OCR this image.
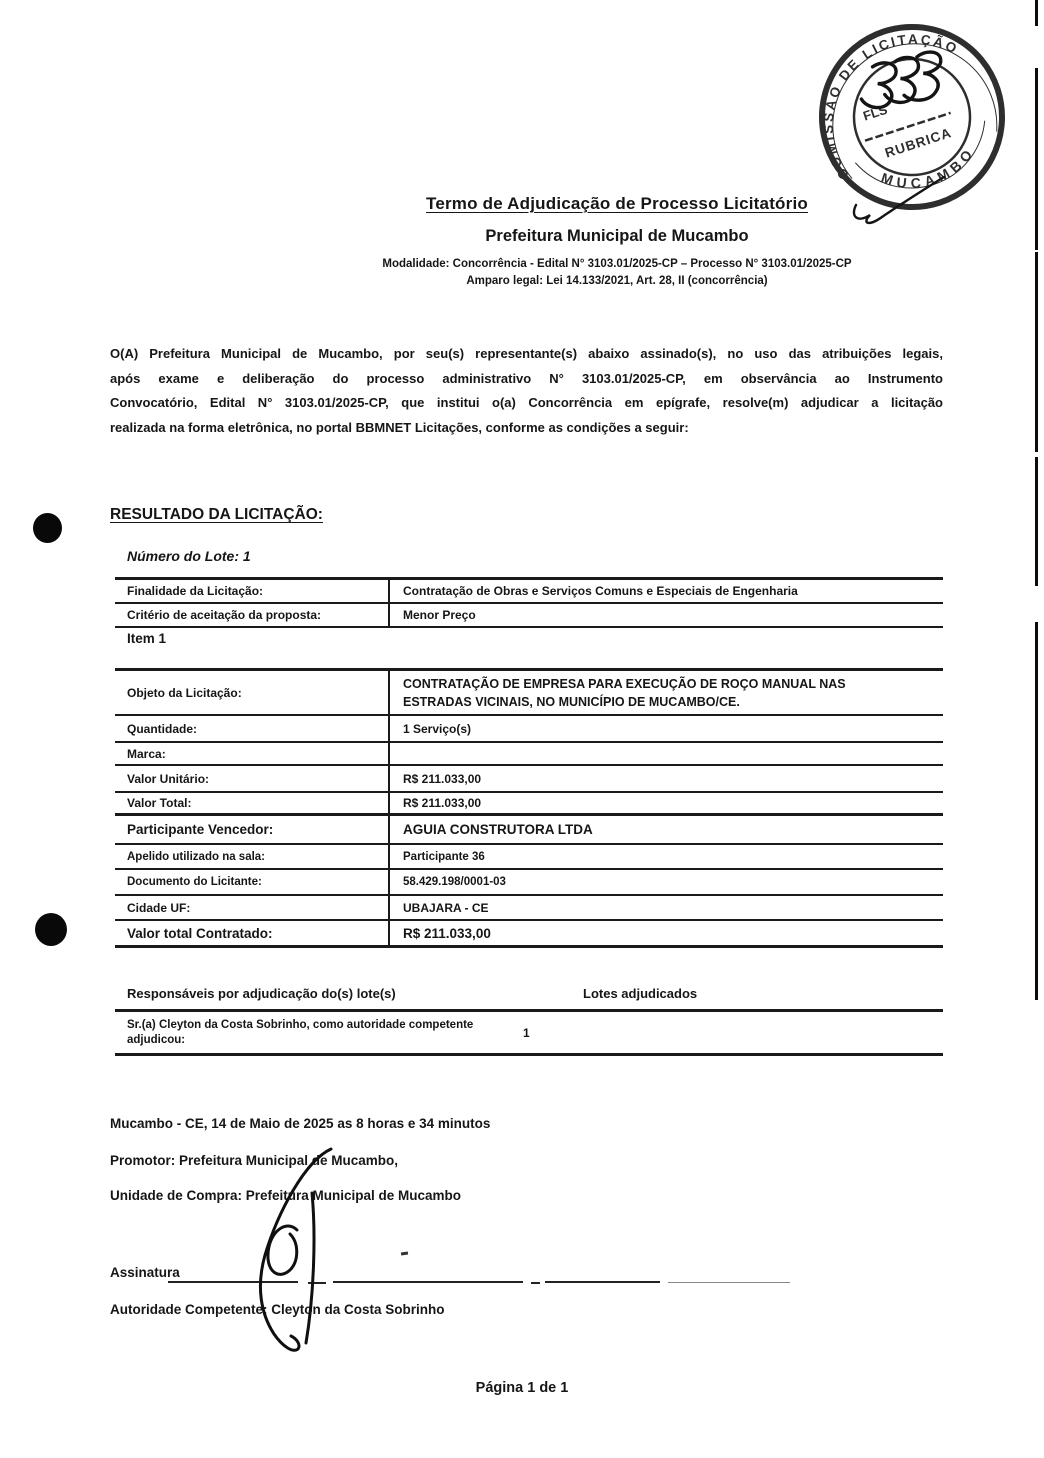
COMISSÃO DE LICITAÇÃO
MUCAMBO
FLS
RUBRICA
Termo de Adjudicação de Processo Licitatório
Prefeitura Municipal de Mucambo
Modalidade: Concorrência - Edital N° 3103.01/2025-CP – Processo N° 3103.01/2025-CP
Amparo legal: Lei 14.133/2021, Art. 28, II (concorrência)
O(A) Prefeitura Municipal de Mucambo, por seu(s) representante(s) abaixo assinado(s), no uso das atribuições legais,
após exame e deliberação do processo administrativo N° 3103.01/2025-CP, em observância ao Instrumento
Convocatório, Edital N° 3103.01/2025-CP, que institui o(a) Concorrência em epígrafe, resolve(m) adjudicar a licitação
realizada na forma eletrônica, no portal BBMNET Licitações, conforme as condições a seguir:
RESULTADO DA LICITAÇÃO:
Número do Lote: 1
Finalidade da Licitação:	Contratação de Obras e Serviços Comuns e Especiais de Engenharia
Critério de aceitação da proposta:	Menor Preço
Item 1
Objeto da Licitação:
CONTRATAÇÃO DE EMPRESA PARA EXECUÇÃO DE ROÇO MANUAL NAS ESTRADAS VICINAIS, NO MUNICÍPIO DE MUCAMBO/CE.
Quantidade:	1 Serviço(s)
Marca:
Valor Unitário:	R$ 211.033,00
Valor Total:	R$ 211.033,00
Participante Vencedor:	AGUIA CONSTRUTORA LTDA
Apelido utilizado na sala:	Participante 36
Documento do Licitante:	58.429.198/0001-03
Cidade UF:	UBAJARA - CE
Valor total Contratado:	R$ 211.033,00
Responsáveis por adjudicação do(s) lote(s)	Lotes adjudicados
Sr.(a) Cleyton da Costa Sobrinho, como autoridade competente adjudicou:	1
Mucambo - CE, 14 de Maio de 2025 as 8 horas e 34 minutos
Promotor: Prefeitura Municipal de Mucambo,
Unidade de Compra: Prefeitura Municipal de Mucambo
Assinatura
Autoridade Competente: Cleyton da Costa Sobrinho
Página 1 de 1
